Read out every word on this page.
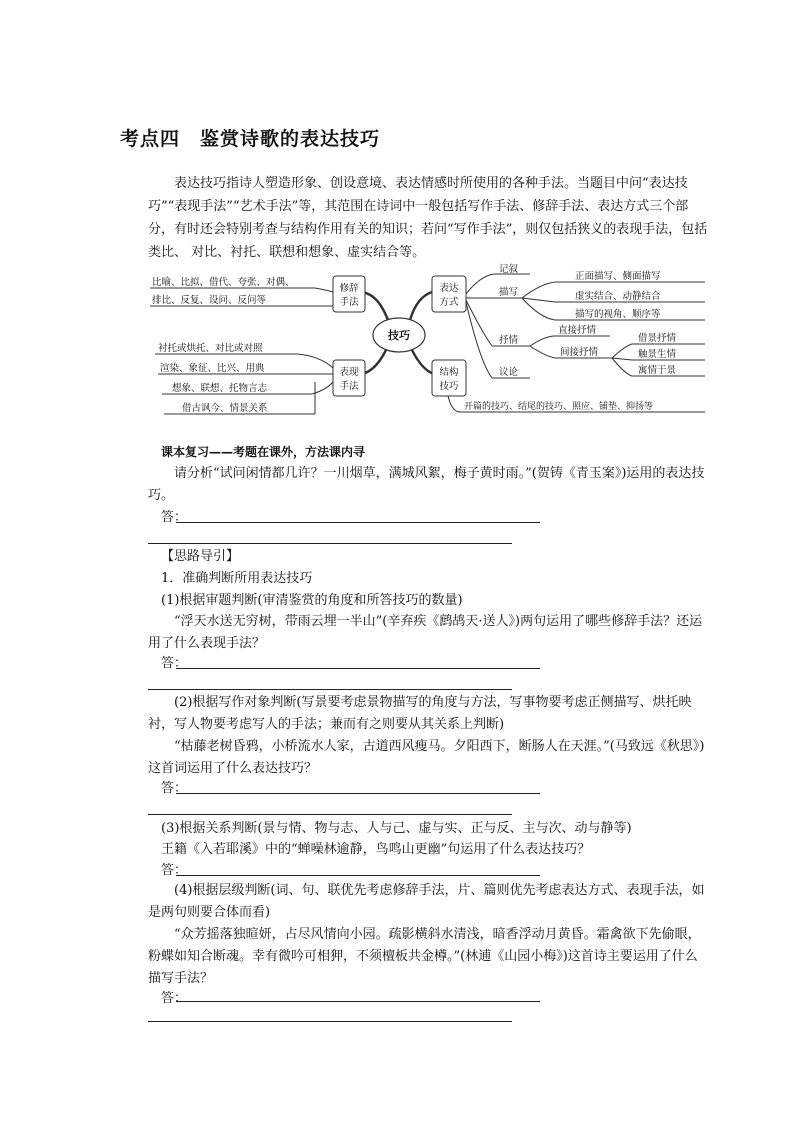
考点四　鉴赏诗歌的表达技巧
表达技巧指诗人塑造形象、创设意境、表达情感时所使用的各种手法。当题目中问“表达技巧”“表现手法”“艺术手法”等，其范围在诗词中一般包括写作手法、修辞手法、表达方式三个部分，有时还会特别考查与结构作用有关的知识；若问“写作手法”，则仅包括狭义的表现手法，包括类比、 对比、衬托、联想和想象、虚实结合等。
技巧
修辞
手法
表现
手法
表达
方式
结构
技巧
比喻、比拟、借代、夸张、对偶、
排比、反复、设问、反问等
衬托或烘托、对比或对照
渲染、象征、比兴、用典
想象、联想、托物言志
借古讽今、情景关系
记叙
描写
正面描写、侧面描写
虚实结合、动静结合
描写的视角、顺序等
抒情
直接抒情
间接抒情
借景抒情
触景生情
寓情于景
议论
开篇的技巧、结尾的技巧、照应、铺垫、抑扬等
课本复习——考题在课外，方法课内寻
请分析“试问闲情都几许？一川烟草，满城风絮，梅子黄时雨。”(贺铸《青玉案》)运用的表达技巧。
答：
【思路导引】
1．准确判断所用表达技巧
(1)根据审题判断(审清鉴赏的角度和所答技巧的数量)
“浮天水送无穷树，带雨云埋一半山”(辛弃疾《鹧鸪天·送人》)两句运用了哪些修辞手法？还运用了什么表现手法？
答：
(2)根据写作对象判断(写景要考虑景物描写的角度与方法，写事物要考虑正侧描写、烘托映衬，写人物要考虑写人的手法；兼而有之则要从其关系上判断)
“枯藤老树昏鸦，小桥流水人家，古道西风瘦马。夕阳西下，断肠人在天涯。”(马致远《秋思》)这首词运用了什么表达技巧？
答：
(3)根据关系判断(景与情、物与志、人与己、虚与实、正与反、主与次、动与静等)
王籍《入若耶溪》中的“蝉噪林逾静，鸟鸣山更幽”句运用了什么表达技巧？
答：
(4)根据层级判断(词、句、联优先考虑修辞手法，片、篇则优先考虑表达方式、表现手法，如是两句则要合体而看)
“众芳摇落独暄妍，占尽风情向小园。疏影横斜水清浅，暗香浮动月黄昏。霜禽欲下先偷眼，粉蝶如知合断魂。幸有微吟可相狎，不须檀板共金樽。”(林逋《山园小梅》)这首诗主要运用了什么描写手法？
答：
